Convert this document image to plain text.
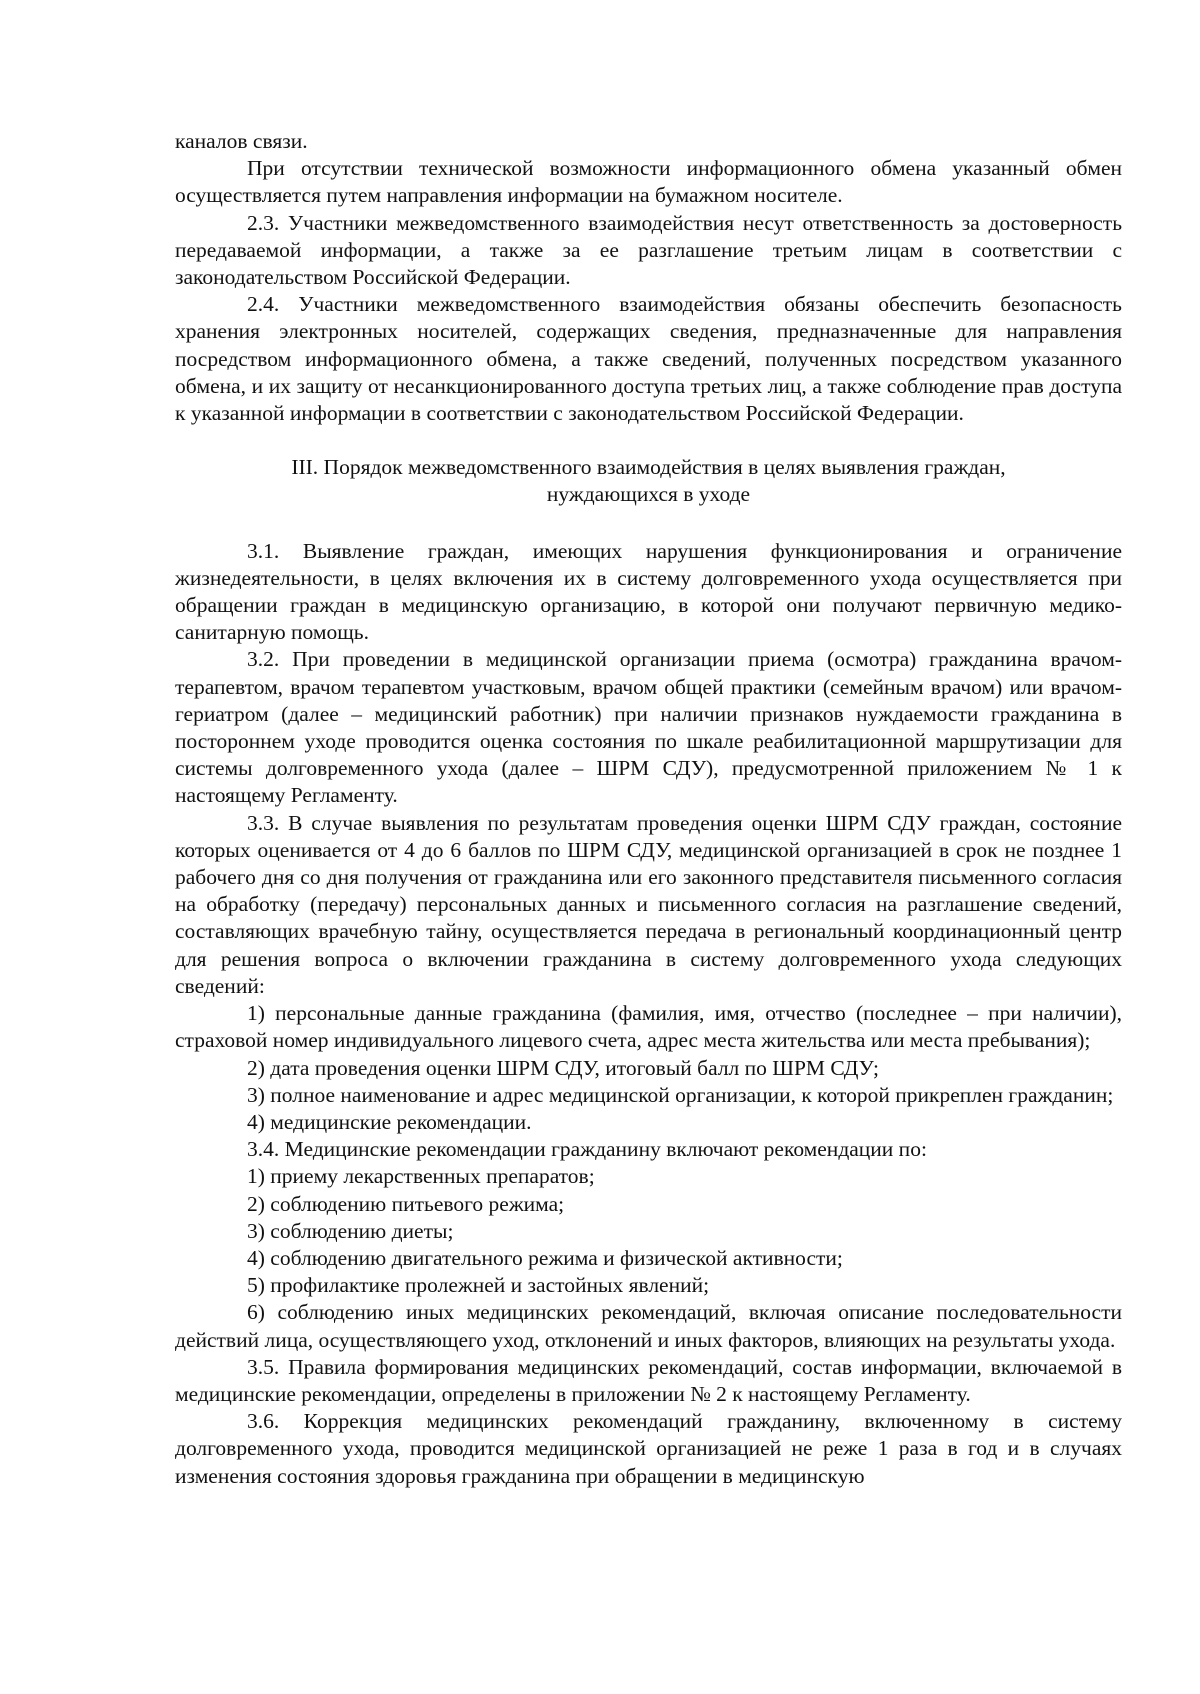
каналов связи.

При отсутствии технической возможности информационного обмена указанный обмен осуществляется путем направления информации на бумажном носителе.

2.3. Участники межведомственного взаимодействия несут ответственность за достоверность передаваемой информации, а также за ее разглашение третьим лицам в соответствии с законодательством Российской Федерации.

2.4. Участники межведомственного взаимодействия обязаны обеспечить безопасность хранения электронных носителей, содержащих сведения, предназначенные для направления посредством информационного обмена, а также сведений, полученных посредством указанного обмена, и их защиту от несанкционированного доступа третьих лиц, а также соблюдение прав доступа к указанной информации в соответствии с законодательством Российской Федерации.

III. Порядок межведомственного взаимодействия в целях выявления граждан,
нуждающихся в уходе

3.1. Выявление граждан, имеющих нарушения функционирования и ограничение жизнедеятельности, в целях включения их в систему долговременного ухода осуществляется при обращении граждан в медицинскую организацию, в которой они получают первичную медико-санитарную помощь.

3.2. При проведении в медицинской организации приема (осмотра) гражданина врачом-терапевтом, врачом терапевтом участковым, врачом общей практики (семейным врачом) или врачом-гериатром (далее – медицинский работник) при наличии признаков нуждаемости гражданина в постороннем уходе проводится оценка состояния по шкале реабилитационной маршрутизации для системы долговременного ухода (далее – ШРМ СДУ), предусмотренной приложением № 1 к настоящему Регламенту.

3.3. В случае выявления по результатам проведения оценки ШРМ СДУ граждан, состояние которых оценивается от 4 до 6 баллов по ШРМ СДУ, медицинской организацией в срок не позднее 1 рабочего дня со дня получения от гражданина или его законного представителя письменного согласия на обработку (передачу) персональных данных и письменного согласия на разглашение сведений, составляющих врачебную тайну, осуществляется передача в региональный координационный центр для решения вопроса о включении гражданина в систему долговременного ухода следующих сведений:

1) персональные данные гражданина (фамилия, имя, отчество (последнее – при наличии), страховой номер индивидуального лицевого счета, адрес места жительства или места пребывания);

2) дата проведения оценки ШРМ СДУ, итоговый балл по ШРМ СДУ;

3) полное наименование и адрес медицинской организации, к которой прикреплен гражданин;

4) медицинские рекомендации.

3.4. Медицинские рекомендации гражданину включают рекомендации по:

1) приему лекарственных препаратов;

2) соблюдению питьевого режима;

3) соблюдению диеты;

4) соблюдению двигательного режима и физической активности;

5) профилактике пролежней и застойных явлений;

6) соблюдению иных медицинских рекомендаций, включая описание последовательности действий лица, осуществляющего уход, отклонений и иных факторов, влияющих на результаты ухода.

3.5. Правила формирования медицинских рекомендаций, состав информации, включаемой в медицинские рекомендации, определены в приложении № 2 к настоящему Регламенту.

3.6. Коррекция медицинских рекомендаций гражданину, включенному в систему долговременного ухода, проводится медицинской организацией не реже 1 раза в год и в случаях изменения состояния здоровья гражданина при обращении в медицинскую
